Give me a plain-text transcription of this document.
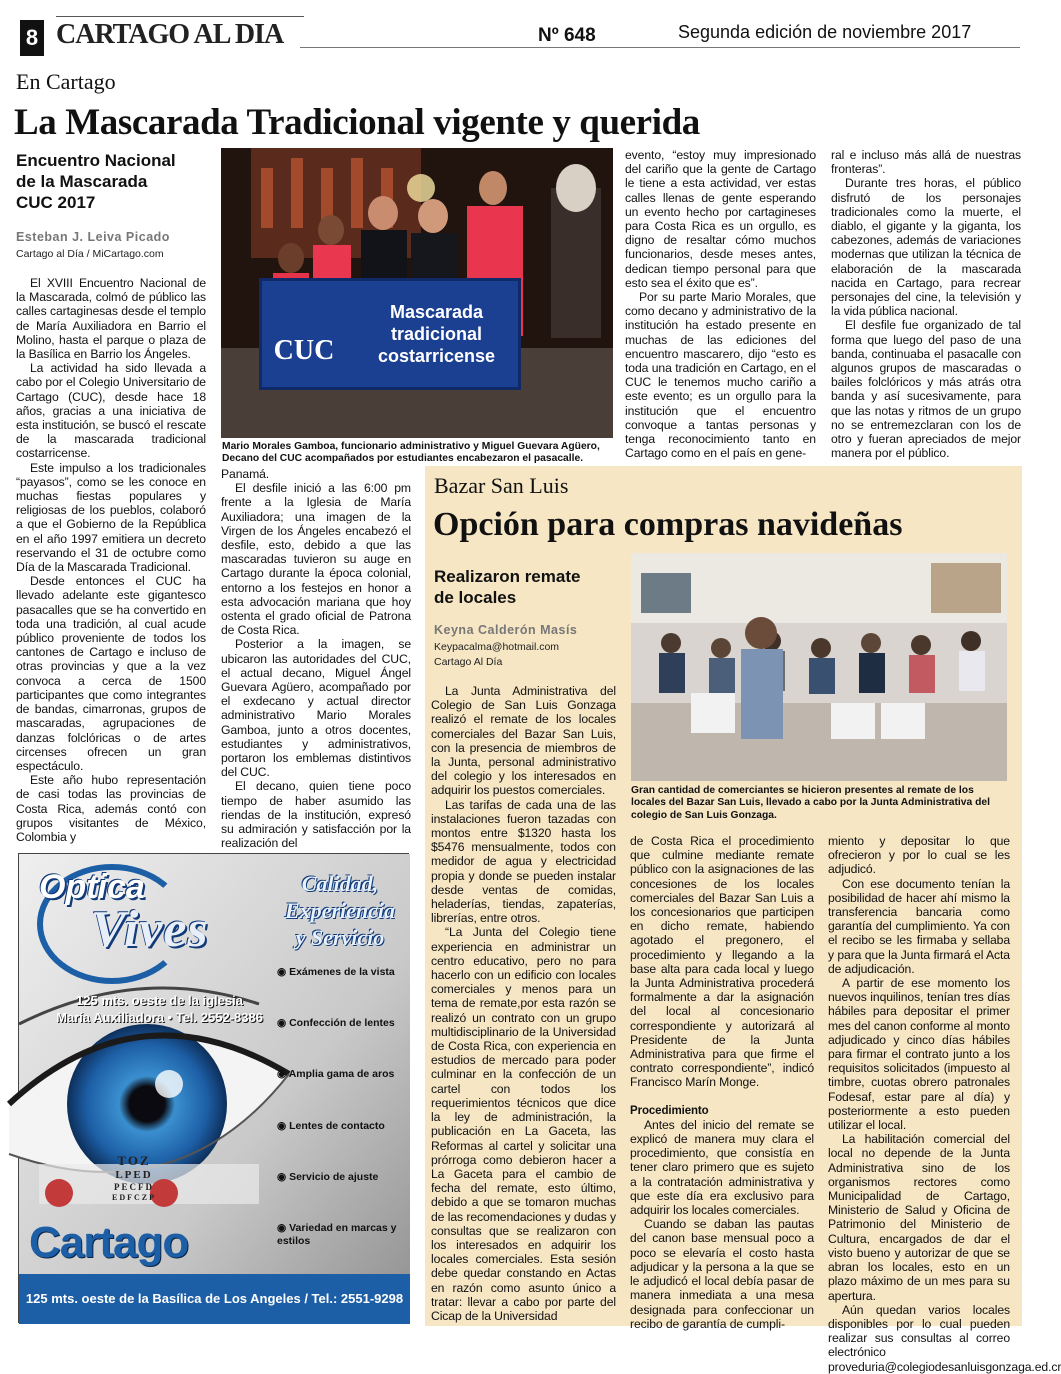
8 CARTAGO AL DIA	Nº 648	Segunda edición de noviembre 2017
En Cartago
La Mascarada Tradicional vigente y querida
Encuentro Nacional
de la Mascarada
CUC 2017
Esteban J. Leiva Picado
Cartago al Día / MiCartago.com

El XVIII Encuentro Nacional de la Mascarada, colmó de público las calles cartaginesas desde el templo de María Auxiliadora en Barrio el Molino, hasta el parque o plaza de la Basílica en Barrio los Ángeles.

La actividad ha sido llevada a cabo por el Colegio Universitario de Cartago (CUC), desde hace 18 años, gracias a una iniciativa de esta institución, se buscó el rescate de la mascarada tradicional costarricense.

Este impulso a los tradicionales “payasos”, como se les conoce en muchas fiestas populares y religiosas de los pueblos, colaboró a que el Gobierno de la República en el año 1997 emitiera un decreto reservando el 31 de octubre como Día de la Mascarada Tradicional.

Desde entonces el CUC ha llevado adelante este gigantesco pasacalles que se ha convertido en toda una tradición, al cual acude público proveniente de todos los cantones de Cartago e incluso de otras provincias y que a la vez convoca a cerca de 1500 participantes que como integrantes de bandas, cimarronas, grupos de mascaradas, agrupaciones de danzas folclóricas o de artes circenses ofrecen un gran espectáculo.

Este año hubo representación de casi todas las provincias de Costa Rica, además contó con grupos visitantes de México, Colombia y

CUC
Mascarada
tradicional
costarricense
Mario Morales Gamboa, funcionario administrativo y Miguel Guevara Agüero, Decano del CUC acompañados por estudiantes encabezaron el pasacalle.

Panamá.

El desfile inició a las 6:00 pm frente a la Iglesia de María Auxiliadora; una imagen de la Virgen de los Ángeles encabezó el desfile, esto, debido a que las mascaradas tuvieron su auge en Cartago durante la época colonial, entorno a los festejos en honor a esta advocación mariana que hoy ostenta el grado oficial de Patrona de Costa Rica.

Posterior a la imagen, se ubicaron las autoridades del CUC, el actual decano, Miguel Ángel Guevara Agüero, acompañado por el exdecano y actual director administrativo Mario Morales Gamboa, junto a otros docentes, estudiantes y administrativos, portaron los emblemas distintivos del CUC.

El decano, quien tiene poco tiempo de haber asumido las riendas de la institución, expresó su admiración y satisfacción por la realización del

evento, “estoy muy impresionado del cariño que la gente de Cartago le tiene a esta actividad, ver estas calles llenas de gente esperando un evento hecho por cartagineses para Costa Rica es un orgullo, es digno de resaltar cómo muchos funcionarios, desde meses antes, dedican tiempo personal para que esto sea el éxito que es”.

Por su parte Mario Morales, que como decano y administrativo de la institución ha estado presente en muchas de las ediciones del encuentro mascarero, dijo “esto es toda una tradición en Cartago, en el CUC le tenemos mucho cariño a este evento; es un orgullo para la institución que el encuentro convoque a tantas personas y tenga reconocimiento tanto en Cartago como en el país en gene-

ral e incluso más allá de nuestras fronteras”.

Durante tres horas, el público disfrutó de los personajes tradicionales como la muerte, el diablo, el gigante y la giganta, los cabezones, además de variaciones modernas que utilizan la técnica de elaboración de la mascarada nacida en Cartago, para recrear personajes del cine, la televisión y la vida pública nacional.

El desfile fue organizado de tal forma que luego del paso de una banda, continuaba el pasacalle con algunos grupos de mascaradas o bailes folclóricos y más atrás otra banda y así sucesivamente, para que las notas y ritmos de un grupo no se entremezclaran con los de otro y fueran apreciados de mejor manera por el público.

Bazar San Luis
Opción para compras navideñas
Realizaron remate
de locales
Keyna Calderón Masís
Keypacalma@hotmail.com
Cartago Al Día
Gran cantidad de comerciantes se hicieron presentes al remate de los locales del Bazar San Luis, llevado a cabo por la Junta Administrativa del colegio de San Luis Gonzaga.

La Junta Administrativa del Colegio de San Luis Gonzaga realizó el remate de los locales comerciales del Bazar San Luis, con la presencia de miembros de la Junta, personal administrativo del colegio y los interesados en adquirir los puestos comerciales.

Las tarifas de cada una de las instalaciones fueron tazadas con montos entre $1320 hasta los $5476 mensualmente, todos con medidor de agua y electricidad propia y donde se pueden instalar desde ventas de comidas, heladerías, tiendas, zapaterías, librerías, entre otros.

“La Junta del Colegio tiene experiencia en administrar un centro educativo, pero no para hacerlo con un edificio con locales comerciales y menos para un tema de remate,por esta razón se realizó un contrato con un grupo multidisciplinario de la Universidad de Costa Rica, con experiencia en estudios de mercado para poder culminar en la confección de un cartel con todos los requerimientos técnicos que dice la ley de administración, la publicación en La Gaceta, las Reformas al cartel y solicitar una prórroga como debieron hacer a La Gaceta para el cambio de fecha del remate, esto último, debido a que se tomaron muchas de las recomendaciones y dudas y consultas que se realizaron con los interesados en adquirir los locales comerciales. Esta sesión debe quedar constando en Actas en razón como asunto único a tratar: llevar a cabo por parte del Cicap de la Universidad

de Costa Rica el procedimiento que culmine mediante remate público con la asignaciones de las concesiones de los locales comerciales del Bazar San Luis a los concesionarios que participen en dicho remate, habiendo agotado el pregonero, el procedimiento y llegando a la base alta para cada local y luego la Junta Administrativa procederá formalmente a dar la asignación del local al concesionario correspondiente y autorizará al Presidente de la Junta Administrativa para que firme el contrato correspondiente”, indicó Francisco Marín Monge.

Procedimiento

Antes del inicio del remate se explicó de manera muy clara el procedimiento, que consistía en tener claro primero que es sujeto a la contratación administrativa y que este día era exclusivo para adquirir los locales comerciales.

Cuando se daban las pautas del canon base mensual poco a poco se elevaría el costo hasta adjudicar y la persona a la que se le adjudicó el local debía pasar de manera inmediata a una mesa designada para confeccionar un recibo de garantía de cumpli-

miento y depositar lo que ofrecieron y por lo cual se les adjudicó.

Con ese documento tenían la posibilidad de hacer ahí mismo la transferencia bancaria como garantía del cumplimiento. Ya con el recibo se les firmaba y sellaba y para que la Junta firmará el Acta de adjudicación.

A partir de ese momento los nuevos inquilinos, tenían tres días hábiles para depositar el primer mes del canon conforme al monto adjudicado y cinco días hábiles para firmar el contrato junto a los requisitos solicitados (impuesto al timbre, cuotas obrero patronales Fodesaf, estar pare al día) y posteriormente a esto pueden utilizar el local.

La habilitación comercial del local no depende de la Junta Administrativa sino de los organismos rectores como Municipalidad de Cartago, Ministerio de Salud y Oficina de Patrimonio del Ministerio de Cultura, encargados de dar el visto bueno y autorizar de que se abran los locales, esto en un plazo máximo de un mes para su apertura.

Aún quedan varios locales disponibles por lo cual pueden realizar sus consultas al correo electrónico proveduria@colegiodesanluisgonzaga.ed.cr

TOZ
LPED
PECFD
EDFCZP
Optica
Vives
Calidad,
Experiencia
y Servicio
125 mts. oeste de la iglesia
María Auxiliadora • Tel. 2552-8386
◉ Exámenes de la vista
◉ Confección de lentes
◉ Amplia gama de aros
◉ Lentes de contacto
◉ Servicio de ajuste
◉ Variedad en marcas y estilos
Cartago
125 mts. oeste de la Basílica de Los Angeles / Tel.: 2551-9298
